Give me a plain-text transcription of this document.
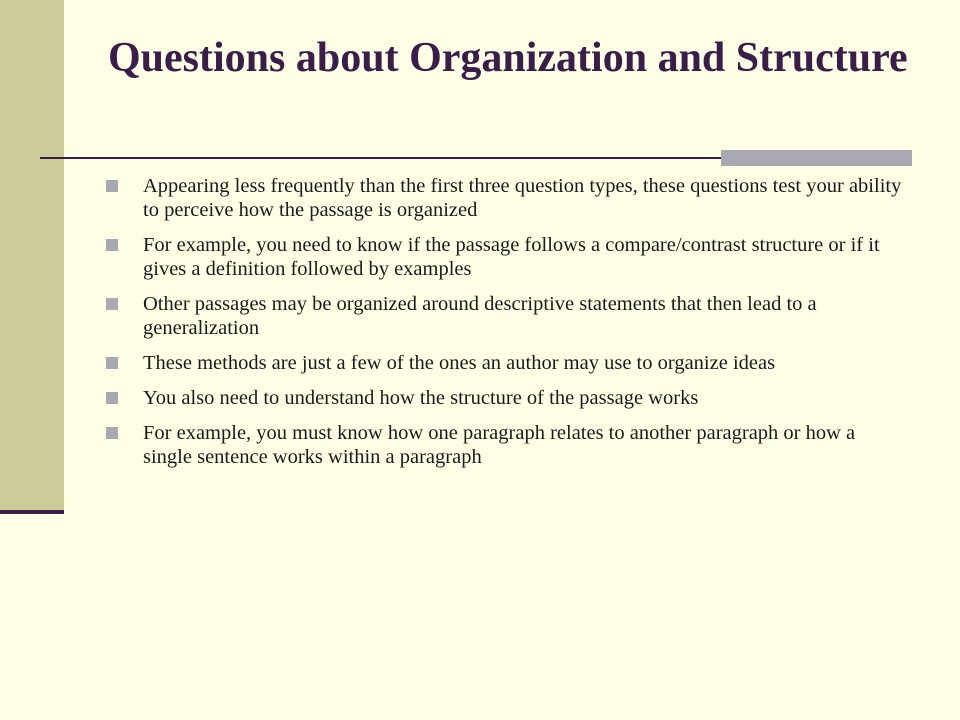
Questions about Organization and Structure
Appearing less frequently than the first three question types, these questions test your ability to perceive how the passage is organized
For example, you need to know if the passage follows a compare/contrast structure or if it gives a definition followed by examples
Other passages may be organized around descriptive statements that then lead to a generalization
These methods are just a few of the ones an author may use to organize ideas
You also need to understand how the structure of the passage works
For example, you must know how one paragraph relates to another paragraph or how a single sentence works within a paragraph
